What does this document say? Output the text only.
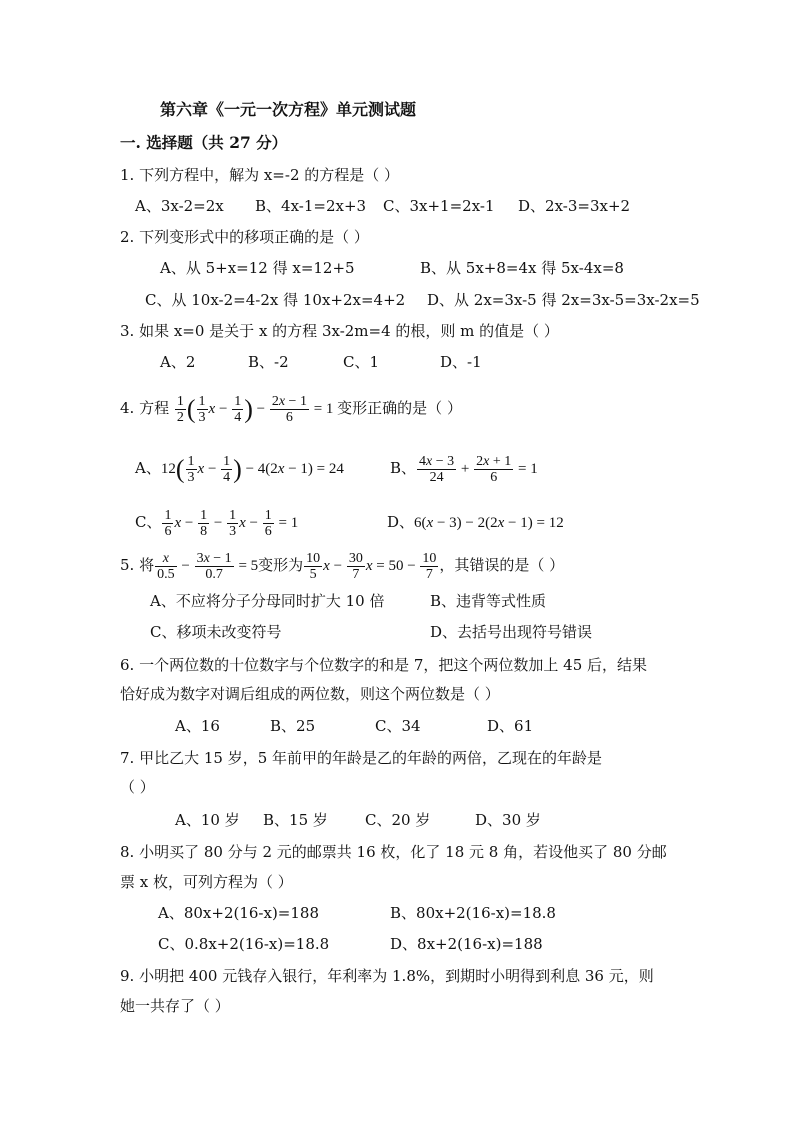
第六章《一元一次方程》单元测试题
一. 选择题（共 27 分）
1. 下列方程中，解为 x=-2 的方程是（ ）
A、3x-2=2x B、4x-1=2x+3 C、3x+1=2x-1 D、2x-3=3x+2
2. 下列变形式中的移项正确的是（ ）
A、从 5+x=12 得 x=12+5	B、从 5x+8=4x 得 5x-4x=8
C、从 10x-2=4-2x 得 10x+2x=4+2 D、从 2x=3x-5 得 2x=3x-5=3x-2x=5
3. 如果 x=0 是关于 x 的方程 3x-2m=4 的根，则 m 的值是（ ）
A、2	B、-2	C、1	D、-1
4. 方程 $\frac{1}{2}$ ( $\frac{1}{3}$ $x - \frac{1}{4}$ ) − $\frac{2x - 1}{6} = 1$ 变形正确的是（ ）
A、$12( \frac{1}{3}$ $x - \frac{1}{4}$ ) − 4(2x − 1) = 24	B、 $\frac{4x - 3}{24} + \frac{2x + 1}{6} = 1$
C、 $\frac{1}{6}$ $x - \frac{1}{8} - \frac{1}{3}$ $x - \frac{1}{6} = 1$	D、6(x − 3) − 2(2x − 1) = 12
5. 将 $\frac{x}{0.5} - \frac{3x - 1}{0.7} = 5$变形为 $\frac{10}{5}$ $x - \frac{30}{7}$ $x = 50 - \frac{10}{7}$ ，其错误的是（ ）
A、不应将分子分母同时扩大 10 倍	B、违背等式性质
C、移项未改变符号	D、去括号出现符号错误
6. 一个两位数的十位数字与个位数字的和是 7，把这个两位数加上 45 后，结果
恰好成为数字对调后组成的两位数，则这个两位数是（ ）
A、16	B、25	C、34	D、61
7. 甲比乙大 15 岁，5 年前甲的年龄是乙的年龄的两倍，乙现在的年龄是
（ ）
A、10 岁 B、15 岁 C、20 岁	D、30 岁
8. 小明买了 80 分与 2 元的邮票共 16 枚，化了 18 元 8 角，若设他买了 80 分邮
票 x 枚，可列方程为（ ）
A、80x+2(16-x)=188	B、80x+2(16-x)=18.8
C、0.8x+2(16-x)=18.8	D、8x+2(16-x)=188
9. 小明把 400 元钱存入银行，年利率为 1.8%，到期时小明得到利息 36 元，则
她一共存了（ ）
